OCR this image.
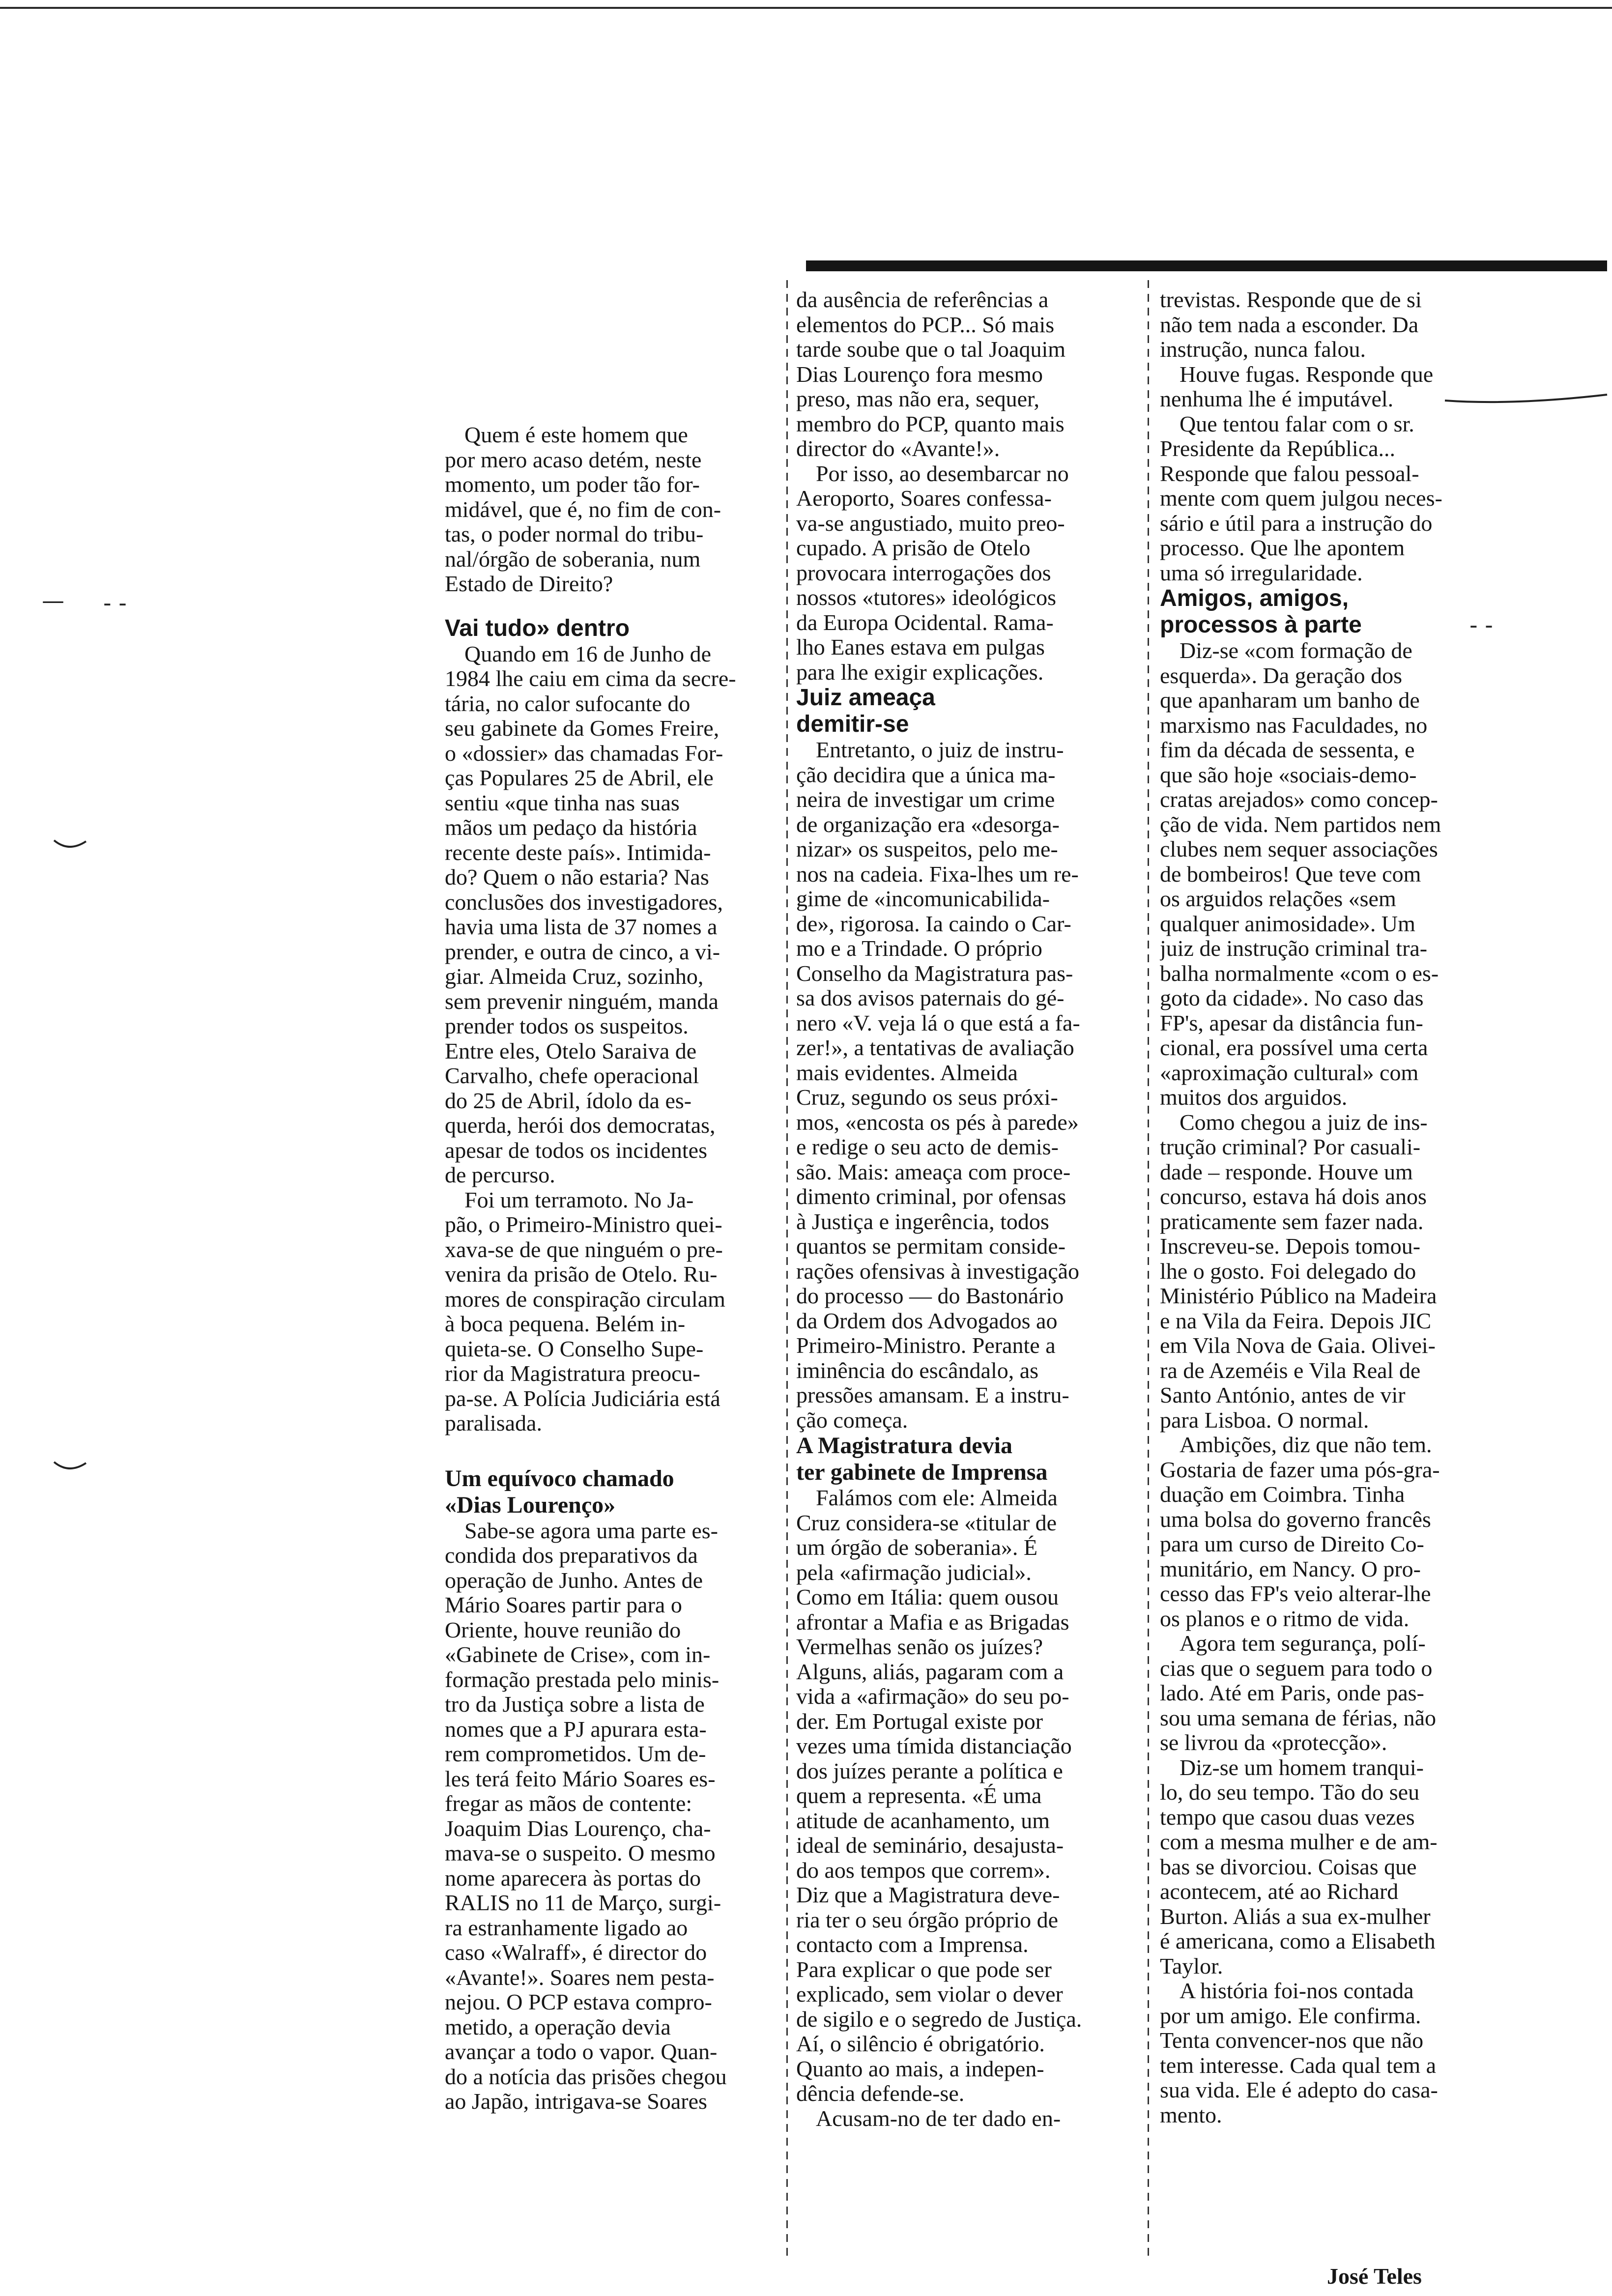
Quem é este homem que

por mero acaso detém, neste

momento, um poder tão for-

midável, que é, no fim de con-

tas, o poder normal do tribu-

nal/órgão de soberania, num

Estado de Direito?

Vai tudo» dentro

Quando em 16 de Junho de

1984 lhe caiu em cima da secre-

tária, no calor sufocante do

seu gabinete da Gomes Freire,

o «dossier» das chamadas For-

ças Populares 25 de Abril, ele

sentiu «que tinha nas suas

mãos um pedaço da história

recente deste país». Intimida-

do? Quem o não estaria? Nas

conclusões dos investigadores,

havia uma lista de 37 nomes a

prender, e outra de cinco, a vi-

giar. Almeida Cruz, sozinho,

sem prevenir ninguém, manda

prender todos os suspeitos.

Entre eles, Otelo Saraiva de

Carvalho, chefe operacional

do 25 de Abril, ídolo da es-

querda, herói dos democratas,

apesar de todos os incidentes

de percurso.

Foi um terramoto. No Ja-

pão, o Primeiro-Ministro quei-

xava-se de que ninguém o pre-

venira da prisão de Otelo. Ru-

mores de conspiração circulam

à boca pequena. Belém in-

quieta-se. O Conselho Supe-

rior da Magistratura preocu-

pa-se. A Polícia Judiciária está

paralisada.

Um equívoco chamado

«Dias Lourenço»

Sabe-se agora uma parte es-

condida dos preparativos da

operação de Junho. Antes de

Mário Soares partir para o

Oriente, houve reunião do

«Gabinete de Crise», com in-

formação prestada pelo minis-

tro da Justiça sobre a lista de

nomes que a PJ apurara esta-

rem comprometidos. Um de-

les terá feito Mário Soares es-

fregar as mãos de contente:

Joaquim Dias Lourenço, cha-

mava-se o suspeito. O mesmo

nome aparecera às portas do

RALIS no 11 de Março, surgi-

ra estranhamente ligado ao

caso «Walraff», é director do

«Avante!». Soares nem pesta-

nejou. O PCP estava compro-

metido, a operação devia

avançar a todo o vapor. Quan-

do a notícia das prisões chegou

ao Japão, intrigava-se Soares

da ausência de referências a

elementos do PCP... Só mais

tarde soube que o tal Joaquim

Dias Lourenço fora mesmo

preso, mas não era, sequer,

membro do PCP, quanto mais

director do «Avante!».

Por isso, ao desembarcar no

Aeroporto, Soares confessa-

va-se angustiado, muito preo-

cupado. A prisão de Otelo

provocara interrogações dos

nossos «tutores» ideológicos

da Europa Ocidental. Rama-

lho Eanes estava em pulgas

para lhe exigir explicações.

Juiz ameaça

demitir-se

Entretanto, o juiz de instru-

ção decidira que a única ma-

neira de investigar um crime

de organização era «desorga-

nizar» os suspeitos, pelo me-

nos na cadeia. Fixa-lhes um re-

gime de «incomunicabilida-

de», rigorosa. Ia caindo o Car-

mo e a Trindade. O próprio

Conselho da Magistratura pas-

sa dos avisos paternais do gé-

nero «V. veja lá o que está a fa-

zer!», a tentativas de avaliação

mais evidentes. Almeida

Cruz, segundo os seus próxi-

mos, «encosta os pés à parede»

e redige o seu acto de demis-

são. Mais: ameaça com proce-

dimento criminal, por ofensas

à Justiça e ingerência, todos

quantos se permitam conside-

rações ofensivas à investigação

do processo — do Bastonário

da Ordem dos Advogados ao

Primeiro-Ministro. Perante a

iminência do escândalo, as

pressões amansam. E a instru-

ção começa.

A Magistratura devia

ter gabinete de Imprensa

Falámos com ele: Almeida

Cruz considera-se «titular de

um órgão de soberania». É

pela «afirmação judicial».

Como em Itália: quem ousou

afrontar a Mafia e as Brigadas

Vermelhas senão os juízes?

Alguns, aliás, pagaram com a

vida a «afirmação» do seu po-

der. Em Portugal existe por

vezes uma tímida distanciação

dos juízes perante a política e

quem a representa. «É uma

atitude de acanhamento, um

ideal de seminário, desajusta-

do aos tempos que correm».

Diz que a Magistratura deve-

ria ter o seu órgão próprio de

contacto com a Imprensa.

Para explicar o que pode ser

explicado, sem violar o dever

de sigilo e o segredo de Justiça.

Aí, o silêncio é obrigatório.

Quanto ao mais, a indepen-

dência defende-se.

Acusam-no de ter dado en-

trevistas. Responde que de si

não tem nada a esconder. Da

instrução, nunca falou.

Houve fugas. Responde que

nenhuma lhe é imputável.

Que tentou falar com o sr.

Presidente da República...

Responde que falou pessoal-

mente com quem julgou neces-

sário e útil para a instrução do

processo. Que lhe apontem

uma só irregularidade.

Amigos, amigos,

processos à parte

Diz-se «com formação de

esquerda». Da geração dos

que apanharam um banho de

marxismo nas Faculdades, no

fim da década de sessenta, e

que são hoje «sociais-demo-

cratas arejados» como concep-

ção de vida. Nem partidos nem

clubes nem sequer associações

de bombeiros! Que teve com

os arguidos relações «sem

qualquer animosidade». Um

juiz de instrução criminal tra-

balha normalmente «com o es-

goto da cidade». No caso das

FP's, apesar da distância fun-

cional, era possível uma certa

«aproximação cultural» com

muitos dos arguidos.

Como chegou a juiz de ins-

trução criminal? Por casuali-

dade – responde. Houve um

concurso, estava há dois anos

praticamente sem fazer nada.

Inscreveu-se. Depois tomou-

lhe o gosto. Foi delegado do

Ministério Público na Madeira

e na Vila da Feira. Depois JIC

em Vila Nova de Gaia. Olivei-

ra de Azeméis e Vila Real de

Santo António, antes de vir

para Lisboa. O normal.

Ambições, diz que não tem.

Gostaria de fazer uma pós-gra-

duação em Coimbra. Tinha

uma bolsa do governo francês

para um curso de Direito Co-

munitário, em Nancy. O pro-

cesso das FP's veio alterar-lhe

os planos e o ritmo de vida.

Agora tem segurança, polí-

cias que o seguem para todo o

lado. Até em Paris, onde pas-

sou uma semana de férias, não

se livrou da «protecção».

Diz-se um homem tranqui-

lo, do seu tempo. Tão do seu

tempo que casou duas vezes

com a mesma mulher e de am-

bas se divorciou. Coisas que

acontecem, até ao Richard

Burton. Aliás a sua ex-mulher

é americana, como a Elisabeth

Taylor.

A história foi-nos contada

por um amigo. Ele confirma.

Tenta convencer-nos que não

tem interesse. Cada qual tem a

sua vida. Ele é adepto do casa-

mento.

— - -
- -
José Teles
